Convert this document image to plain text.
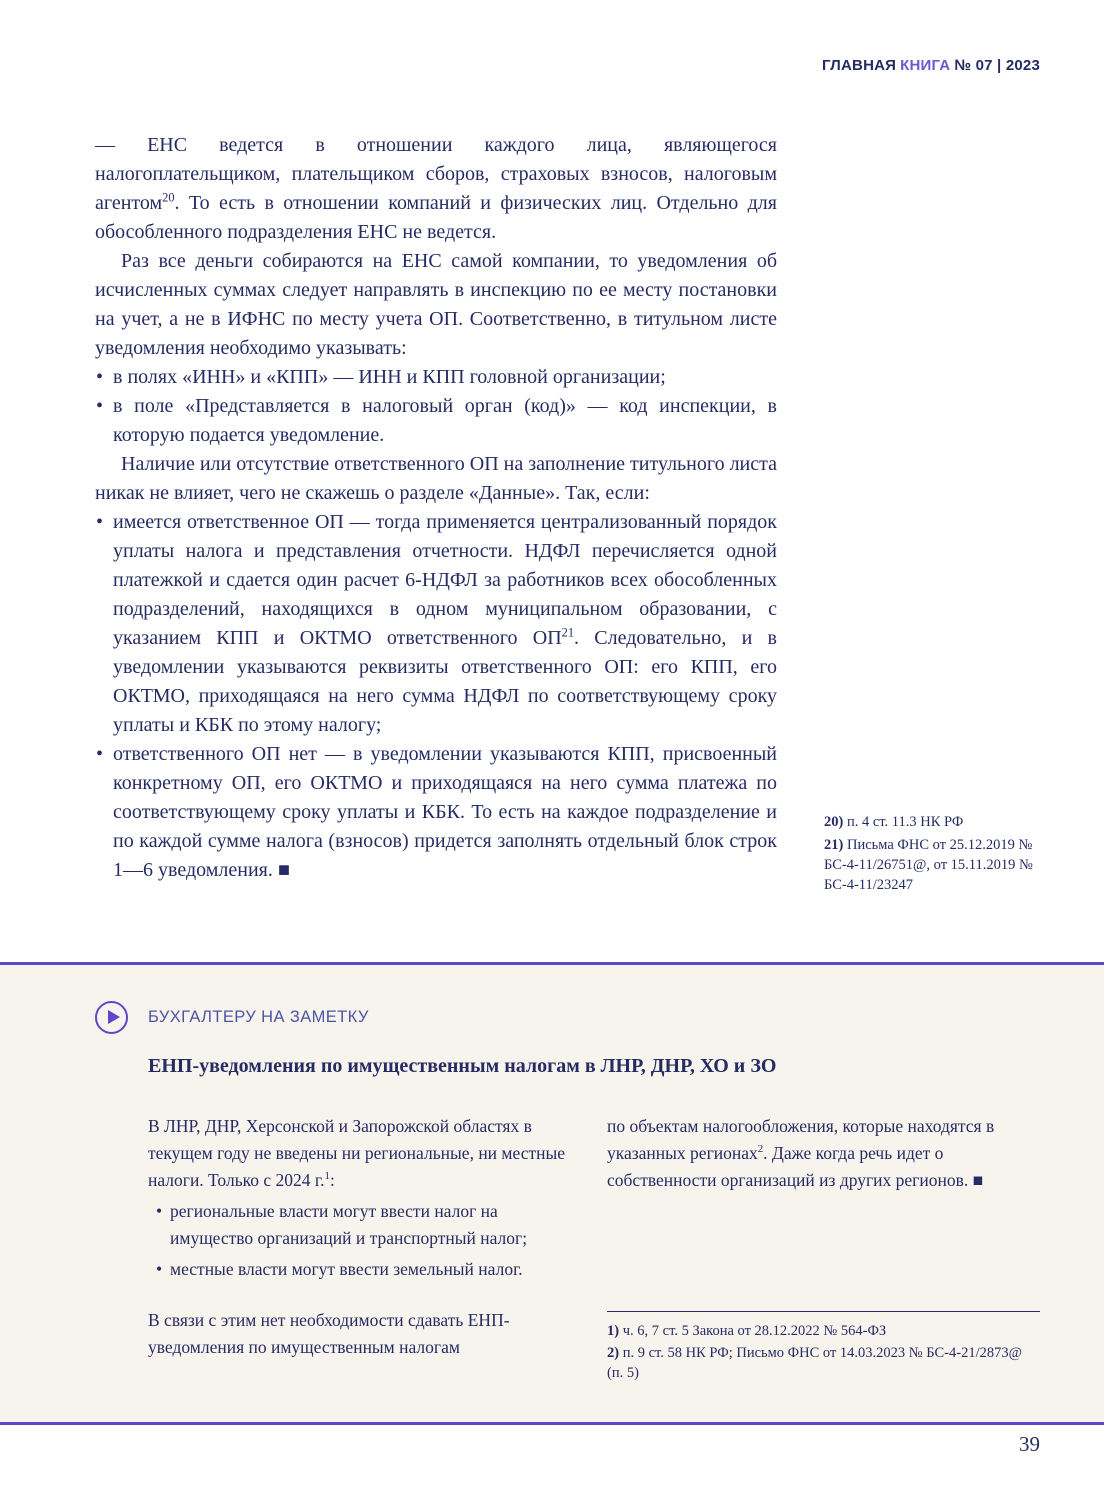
ГЛАВНАЯ КНИГА № 07 | 2023
— ЕНС ведется в отношении каждого лица, являющегося налогоплательщиком, плательщиком сборов, страховых взносов, налоговым агентом$^{20}$. То есть в отношении компаний и физических лиц. Отдельно для обособленного подразделения ЕНС не ведется.
Раз все деньги собираются на ЕНС самой компании, то уведомления об исчисленных суммах следует направлять в инспекцию по ее месту постановки на учет, а не в ИФНС по месту учета ОП. Соответственно, в титульном листе уведомления необходимо указывать:
• в полях «ИНН» и «КПП» — ИНН и КПП головной организации;
• в поле «Представляется в налоговый орган (код)» — код инспекции, в которую подается уведомление.
Наличие или отсутствие ответственного ОП на заполнение титульного листа никак не влияет, чего не скажешь о разделе «Данные». Так, если:
• имеется ответственное ОП — тогда применяется централизованный порядок уплаты налога и представления отчетности. НДФЛ перечисляется одной платежкой и сдается один расчет 6-НДФЛ за работников всех обособленных подразделений, находящихся в одном муниципальном образовании, с указанием КПП и ОКТМО ответственного ОП$^{21}$. Следовательно, и в уведомлении указываются реквизиты ответственного ОП: его КПП, его ОКТМО, приходящаяся на него сумма НДФЛ по соответствующему сроку уплаты и КБК по этому налогу;
• ответственного ОП нет — в уведомлении указываются КПП, присвоенный конкретному ОП, его ОКТМО и приходящаяся на него сумма платежа по соответствующему сроку уплаты и КБК. То есть на каждое подразделение и по каждой сумме налога (взносов) придется заполнять отдельный блок строк 1—6 уведомления. ■
20) п. 4 ст. 11.3 НК РФ
21) Письма ФНС от 25.12.2019 № БС-4-11/26751@, от 15.11.2019 № БС-4-11/23247
БУХГАЛТЕРУ НА ЗАМЕТКУ
ЕНП-уведомления по имущественным налогам в ЛНР, ДНР, ХО и ЗО

В ЛНР, ДНР, Херсонской и Запорожской областях в текущем году не введены ни региональные, ни местные налоги. Только с 2024 г.$^1$:

• региональные власти могут ввести налог на имущество организаций и транспортный налог;
• местные власти могут ввести земельный налог.

В связи с этим нет необходимости сдавать ЕНП-уведомления по имущественным налогам

по объектам налогообложения, которые находятся в указанных регионах$^2$. Даже когда речь идет о собственности организаций из других регионов. ■

1) ч. 6, 7 ст. 5 Закона от 28.12.2022 № 564-ФЗ
2) п. 9 ст. 58 НК РФ; Письмо ФНС от 14.03.2023 № БС-4-21/2873@ (п. 5)
39
